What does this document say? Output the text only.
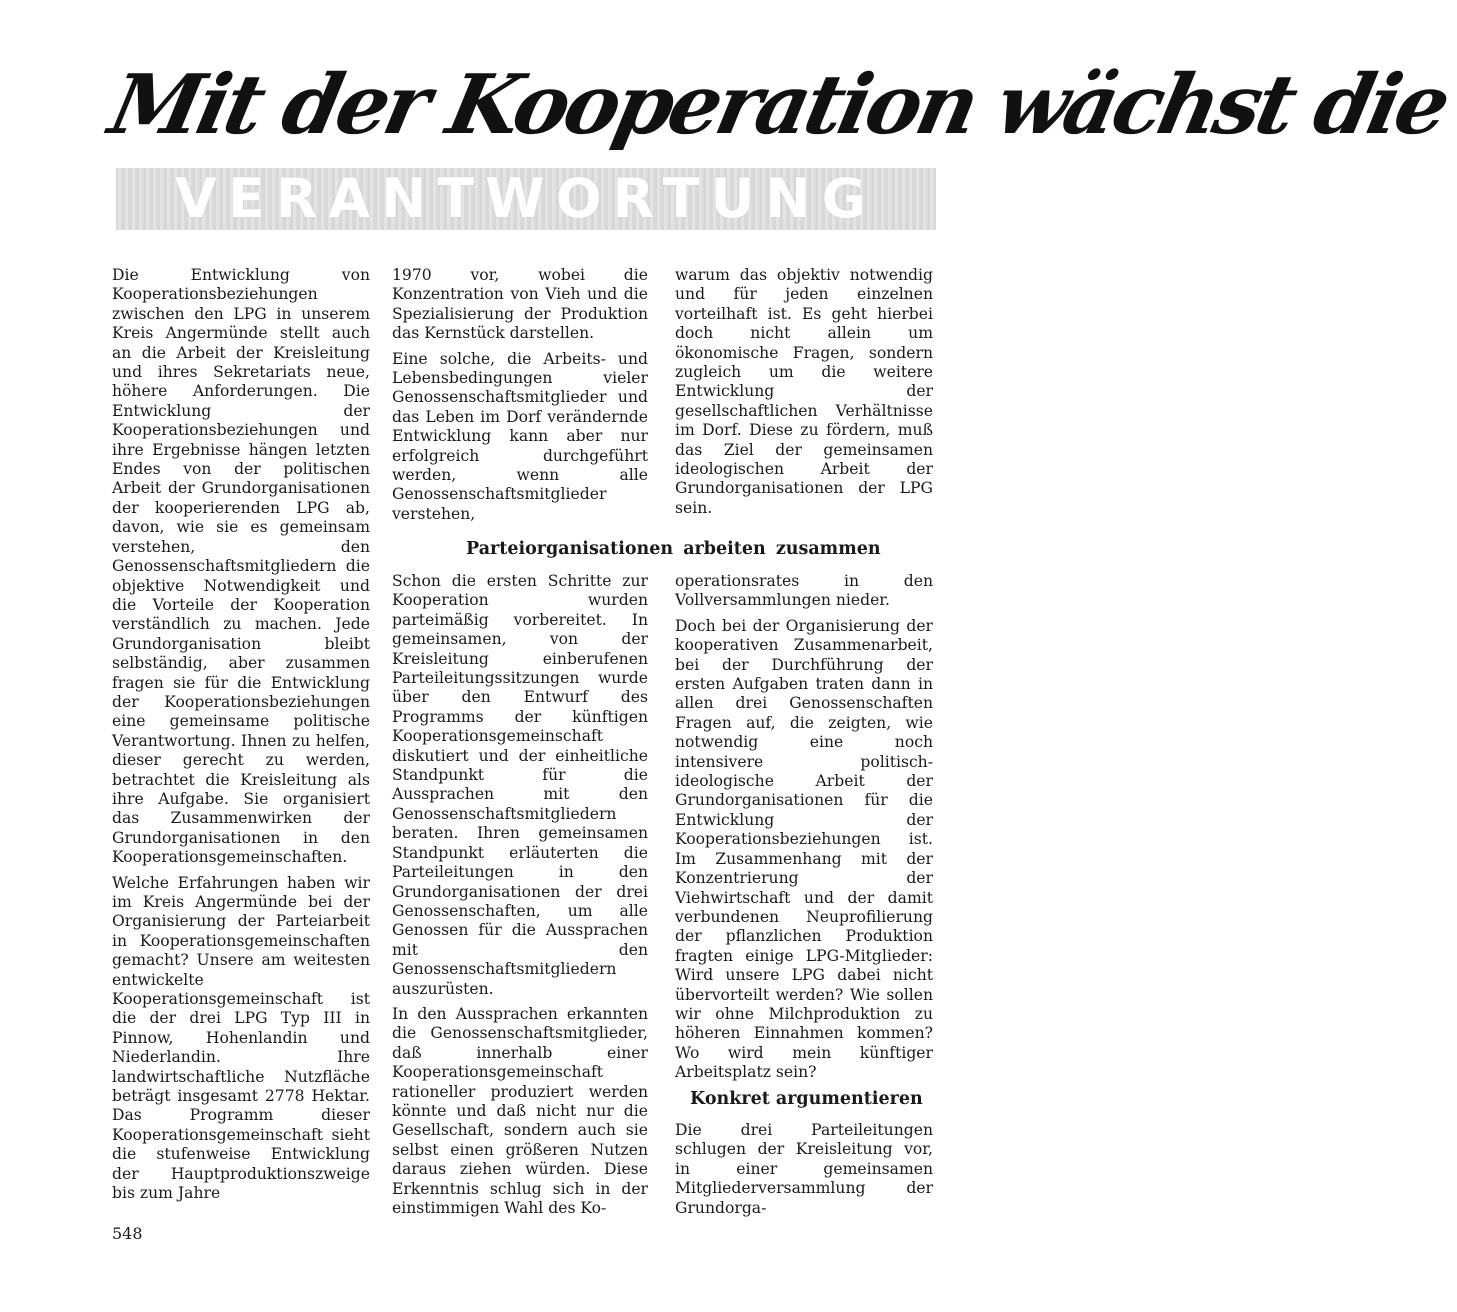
Mit der Kooperation wächst die
VERANTWORTUNG

Die Entwicklung von Kooperationsbeziehungen zwischen den LPG in unserem Kreis Angermünde stellt auch an die Arbeit der Kreisleitung und ihres Sekretariats neue, höhere Anforderungen. Die Entwicklung der Kooperationsbeziehungen und ihre Ergebnisse hängen letzten Endes von der politischen Arbeit der Grundorganisationen der kooperierenden LPG ab, davon, wie sie es gemeinsam verstehen, den Genossenschaftsmitgliedern die objektive Notwendigkeit und die Vorteile der Kooperation verständlich zu machen. Jede Grundorganisation bleibt selbständig, aber zusammen fragen sie für die Entwicklung der Kooperationsbeziehungen eine gemeinsame politische Verantwortung. Ihnen zu helfen, dieser gerecht zu werden, betrachtet die Kreisleitung als ihre Aufgabe. Sie organisiert das Zusammenwirken der Grundorganisationen in den Kooperationsgemeinschaften.

Welche Erfahrungen haben wir im Kreis Angermünde bei der Organisierung der Parteiarbeit in Kooperationsgemeinschaften gemacht? Unsere am weitesten entwickelte Kooperationsgemeinschaft ist die der drei LPG Typ III in Pinnow, Hohenlandin und Niederlandin. Ihre landwirtschaftliche Nutzfläche beträgt insgesamt 2778 Hektar. Das Programm dieser Kooperationsgemeinschaft sieht die stufenweise Entwicklung der Hauptproduktionszweige bis zum Jahre

1970 vor, wobei die Konzentration von Vieh und die Spezialisierung der Produktion das Kernstück darstellen.

Eine solche, die Arbeits- und Lebensbedingungen vieler Genossenschaftsmitglieder und das Leben im Dorf verändernde Entwicklung kann aber nur erfolgreich durchgeführt werden, wenn alle Genossenschaftsmitglieder verstehen,

warum das objektiv notwendig und für jeden einzelnen vorteilhaft ist. Es geht hierbei doch nicht allein um ökonomische Fragen, sondern zugleich um die weitere Entwicklung der gesellschaftlichen Verhältnisse im Dorf. Diese zu fördern, muß das Ziel der gemeinsamen ideologischen Arbeit der Grundorganisationen der LPG sein.

Parteiorganisationen arbeiten zusammen

Schon die ersten Schritte zur Kooperation wurden parteimäßig vorbereitet. In gemeinsamen, von der Kreisleitung einberufenen Parteileitungssitzungen wurde über den Entwurf des Programms der künftigen Kooperationsgemeinschaft diskutiert und der einheitliche Standpunkt für die Aussprachen mit den Genossenschaftsmitgliedern beraten. Ihren gemeinsamen Standpunkt erläuterten die Parteileitungen in den Grundorganisationen der drei Genossenschaften, um alle Genossen für die Aussprachen mit den Genossenschaftsmitgliedern auszurüsten.

In den Aussprachen erkannten die Genossenschaftsmitglieder, daß innerhalb einer Kooperationsgemeinschaft rationeller produziert werden könnte und daß nicht nur die Gesellschaft, sondern auch sie selbst einen größeren Nutzen daraus ziehen würden. Diese Erkenntnis schlug sich in der einstimmigen Wahl des Ko-

operationsrates in den Vollversammlungen nieder.

Doch bei der Organisierung der kooperativen Zusammenarbeit, bei der Durchführung der ersten Aufgaben traten dann in allen drei Genossenschaften Fragen auf, die zeigten, wie notwendig eine noch intensivere politisch-ideologische Arbeit der Grundorganisationen für die Entwicklung der Kooperationsbeziehungen ist. Im Zusammenhang mit der Konzentrierung der Viehwirtschaft und der damit verbundenen Neuprofilierung der pflanzlichen Produktion fragten einige LPG-Mitglieder: Wird unsere LPG dabei nicht übervorteilt werden? Wie sollen wir ohne Milchproduktion zu höheren Einnahmen kommen? Wo wird mein künftiger Arbeitsplatz sein?

Konkret argumentieren

Die drei Parteileitungen schlugen der Kreisleitung vor, in einer gemeinsamen Mitgliederversammlung der Grundorga-

548
